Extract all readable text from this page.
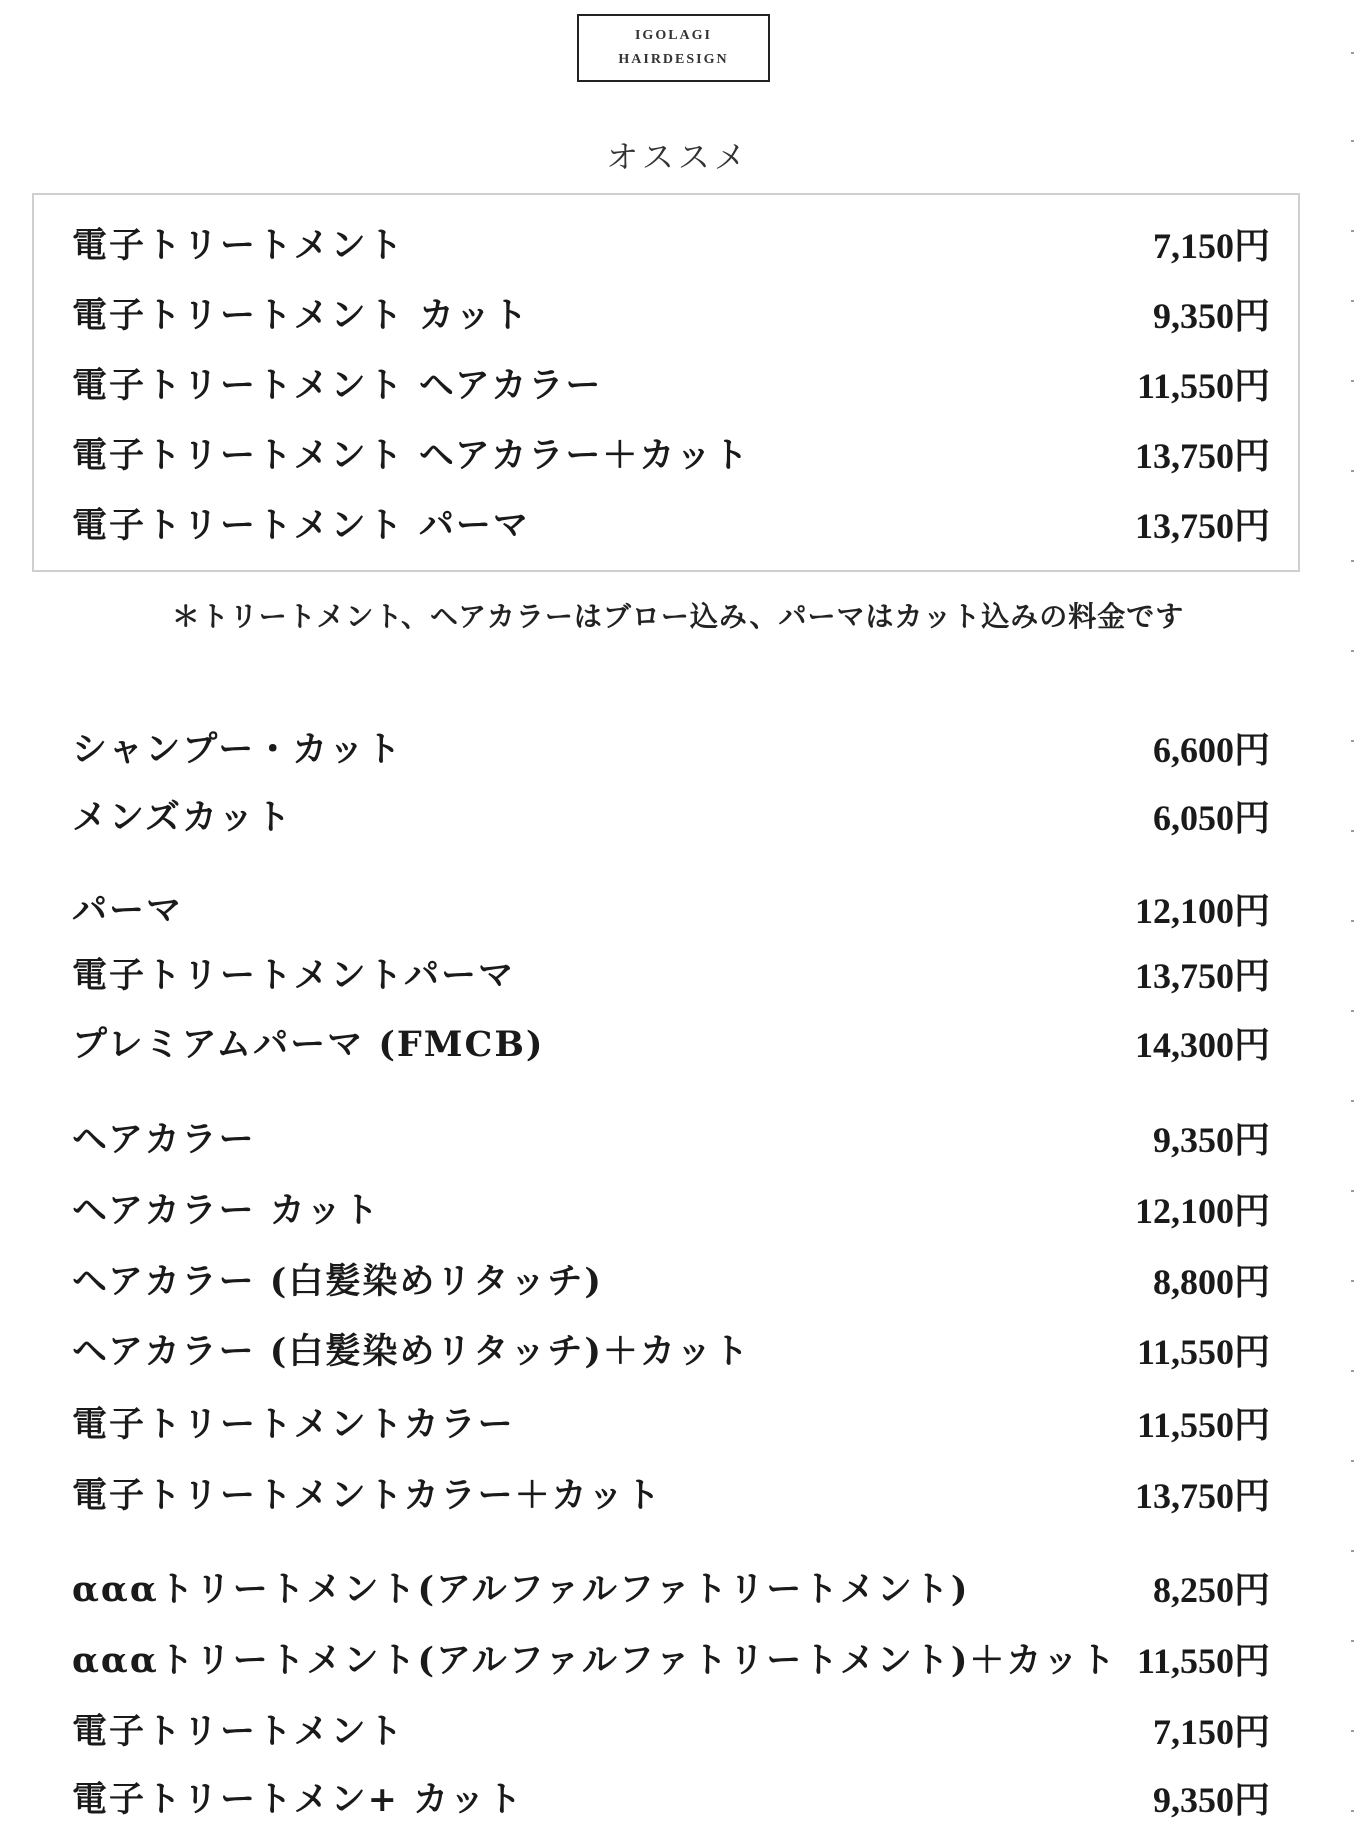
IGOLAGI
HAIRDESIGN
オススメ
電子トリートメント	7,150円
電子トリートメント カット	9,350円
電子トリートメント ヘアカラー	11,550円
電子トリートメント ヘアカラー＋カット	13,750円
電子トリートメント パーマ	13,750円
＊トリートメント、ヘアカラーはブロー込み、パーマはカット込みの料金です
シャンプー・カット	6,600円
メンズカット	6,050円
パーマ	12,100円
電子トリートメントパーマ	13,750円
プレミアムパーマ (FMCB)	14,300円
ヘアカラー	9,350円
ヘアカラー カット	12,100円
ヘアカラー (白髪染めリタッチ)	8,800円
ヘアカラー (白髪染めリタッチ)＋カット	11,550円
電子トリートメントカラー	11,550円
電子トリートメントカラー＋カット	13,750円
αααトリートメント(アルファルファトリートメント)	8,250円
αααトリートメント(アルファルファトリートメント)＋カット 11,550円
電子トリートメント	7,150円
電子トリートメン+ カット	9,350円
